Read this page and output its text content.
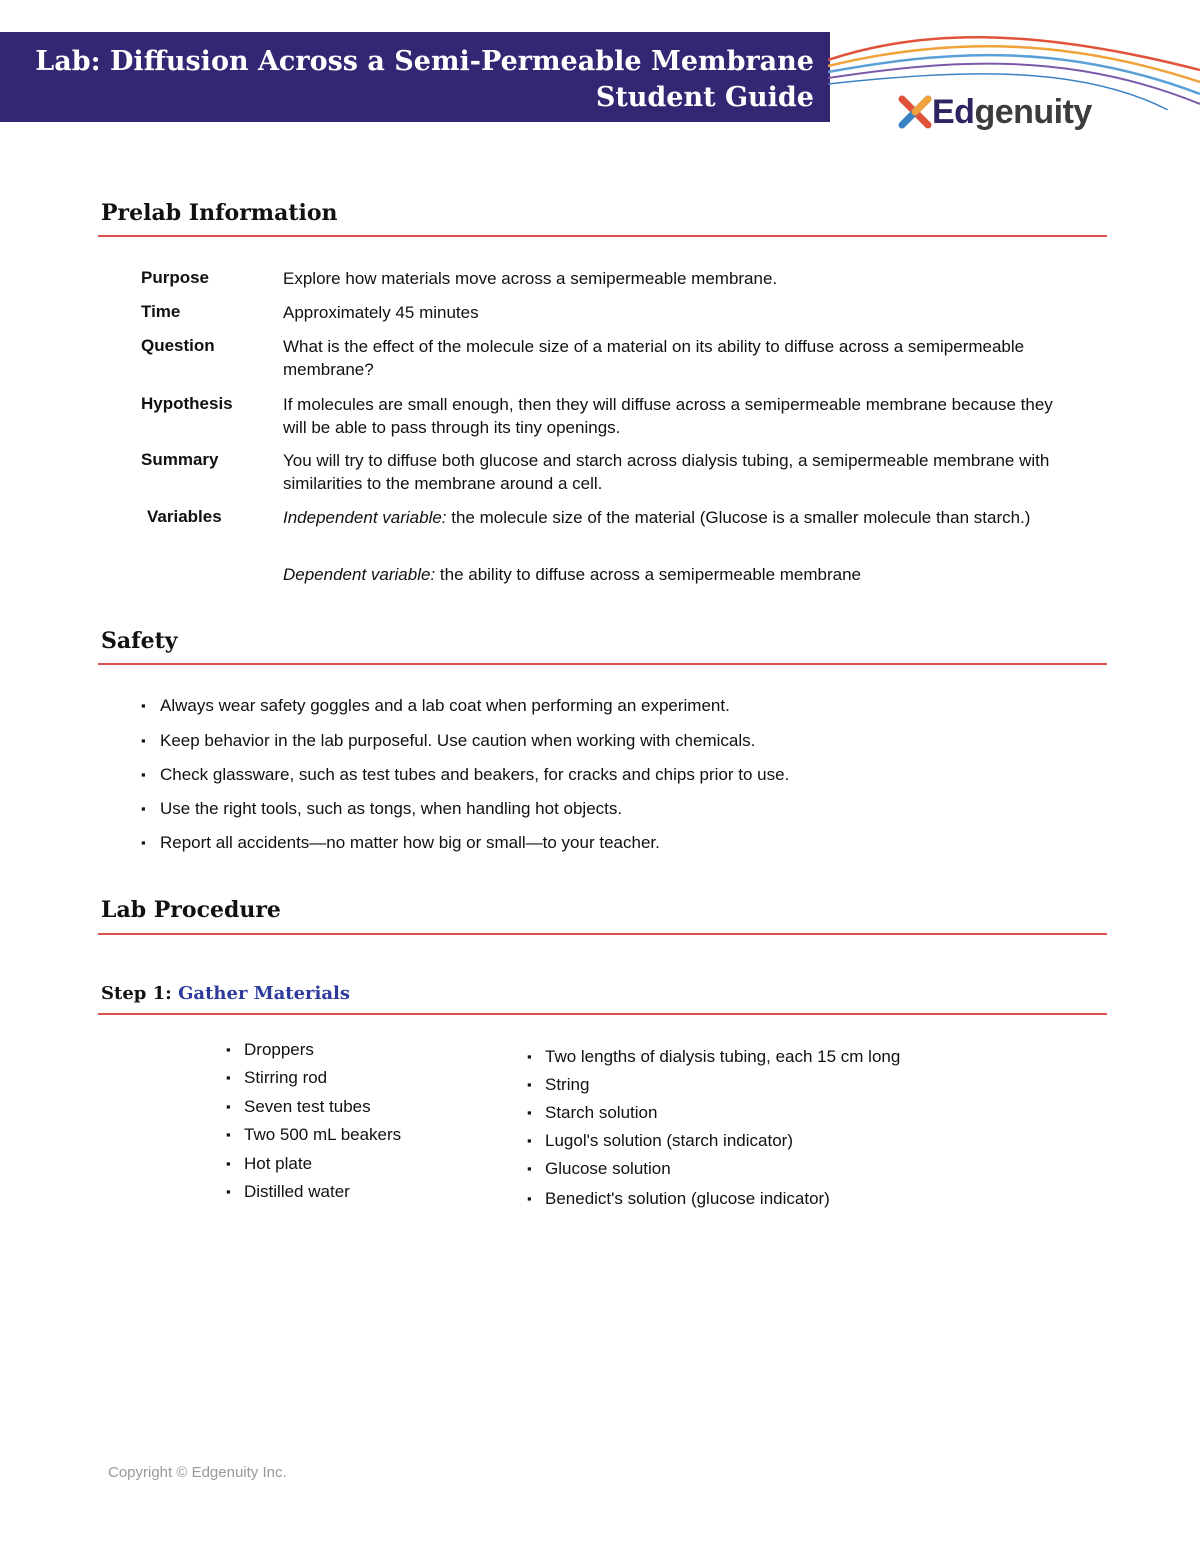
Lab: Diffusion Across a Semi-Permeable Membrane
Student Guide	Edgenuity
Prelab Information
Purpose	Explore how materials move across a semipermeable membrane.
Time	Approximately 45 minutes
Question	What is the effect of the molecule size of a material on its ability to diffuse across a semipermeable membrane?
Hypothesis	If molecules are small enough, then they will diffuse across a semipermeable membrane because they will be able to pass through its tiny openings.
Summary	You will try to diffuse both glucose and starch across dialysis tubing, a semipermeable membrane with similarities to the membrane around a cell.
Variables	Independent variable: the molecule size of the material (Glucose is a smaller molecule than starch.)
Dependent variable: the ability to diffuse across a semipermeable membrane
Safety
▪ Always wear safety goggles and a lab coat when performing an experiment.
▪ Keep behavior in the lab purposeful. Use caution when working with chemicals.
▪ Check glassware, such as test tubes and beakers, for cracks and chips prior to use.
▪ Use the right tools, such as tongs, when handling hot objects.
▪ Report all accidents—no matter how big or small—to your teacher.
Lab Procedure
Step 1: Gather Materials
▪ Droppers
▪ Stirring rod
▪ Seven test tubes
▪ Two 500 mL beakers
▪ Hot plate
▪ Distilled water
▪ Two lengths of dialysis tubing, each 15 cm long
▪ String
▪ Starch solution
▪ Lugol's solution (starch indicator)
▪ Glucose solution
▪ Benedict's solution (glucose indicator)
Copyright © Edgenuity Inc.
